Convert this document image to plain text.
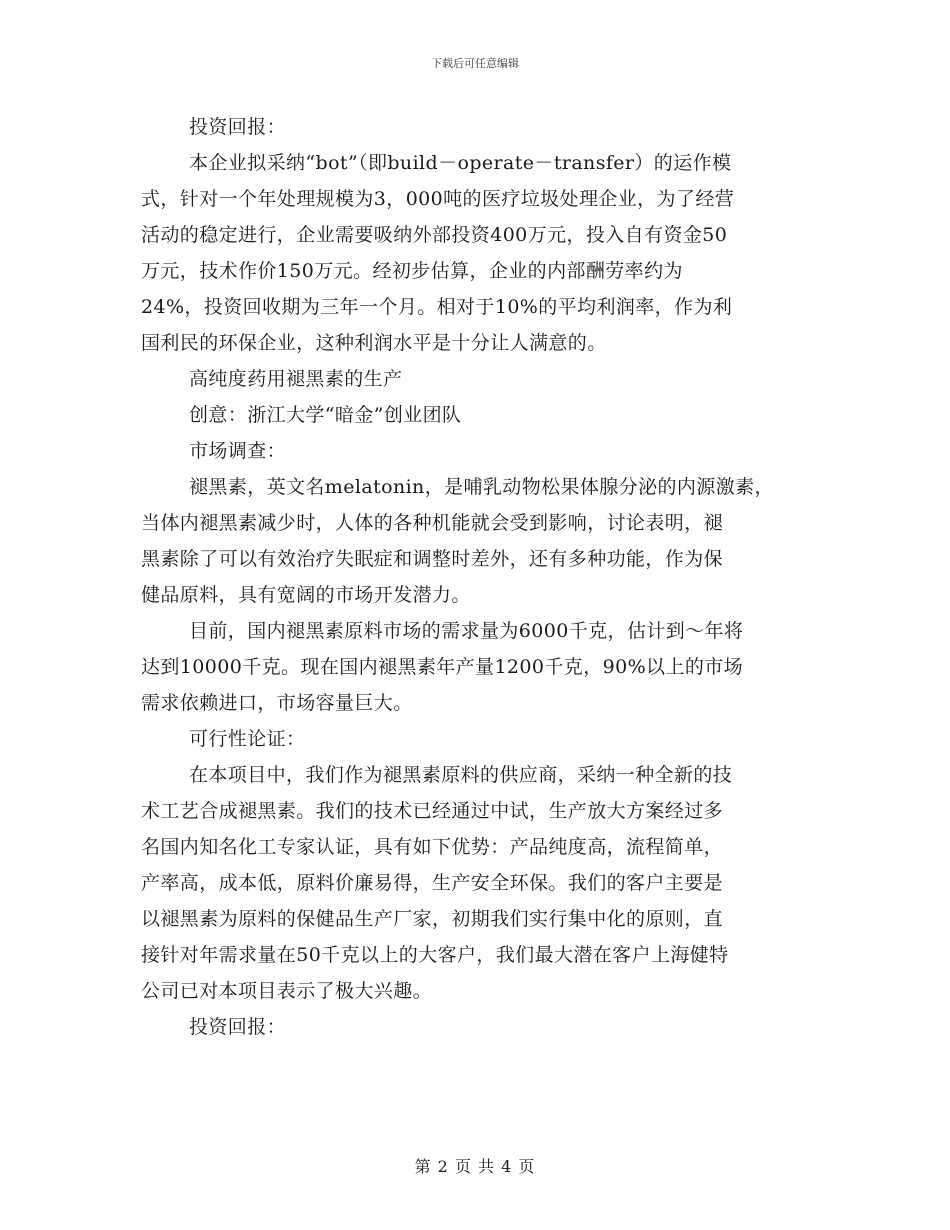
下载后可任意编辑
投资回报：
本企业拟采纳“bot”（即build－operate－transfer）的运作模
式，针对一个年处理规模为3，000吨的医疗垃圾处理企业，为了经营
活动的稳定进行，企业需要吸纳外部投资400万元，投入自有资金50
万元，技术作价150万元。经初步估算，企业的内部酬劳率约为
24%，投资回收期为三年一个月。相对于10%的平均利润率，作为利
国利民的环保企业，这种利润水平是十分让人满意的。
高纯度药用褪黑素的生产
创意：浙江大学“暗金”创业团队
市场调查：
褪黑素，英文名melatonin，是哺乳动物松果体腺分泌的内源激素，
当体内褪黑素减少时，人体的各种机能就会受到影响，讨论表明，褪
黑素除了可以有效治疗失眠症和调整时差外，还有多种功能，作为保
健品原料，具有宽阔的市场开发潜力。
目前，国内褪黑素原料市场的需求量为6000千克，估计到～年将
达到10000千克。现在国内褪黑素年产量1200千克，90%以上的市场
需求依赖进口，市场容量巨大。
可行性论证：
在本项目中，我们作为褪黑素原料的供应商，采纳一种全新的技
术工艺合成褪黑素。我们的技术已经通过中试，生产放大方案经过多
名国内知名化工专家认证，具有如下优势：产品纯度高，流程简单，
产率高，成本低，原料价廉易得，生产安全环保。我们的客户主要是
以褪黑素为原料的保健品生产厂家，初期我们实行集中化的原则，直
接针对年需求量在50千克以上的大客户，我们最大潜在客户上海健特
公司已对本项目表示了极大兴趣。
投资回报：
第 2 页 共 4 页
